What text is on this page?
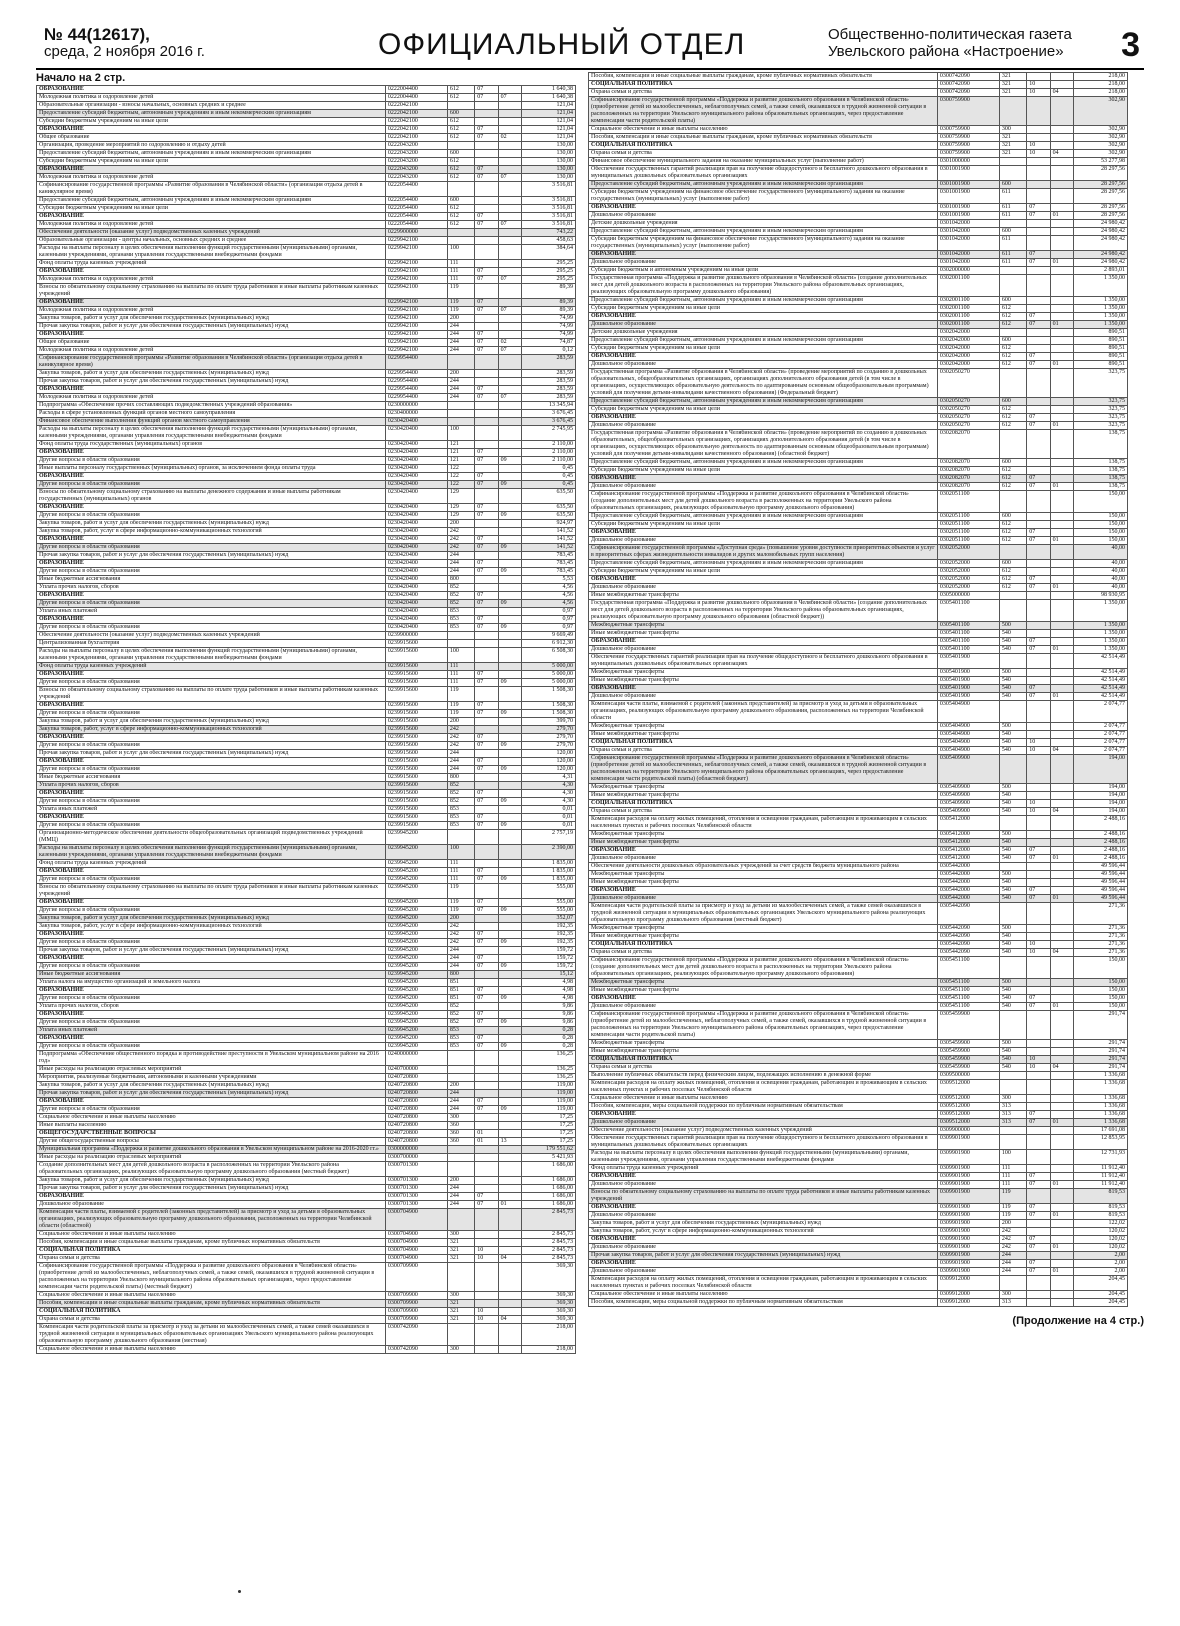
№ 44(12617),
среда, 2 ноября 2016 г.	ОФИЦИАЛЬНЫЙ ОТДЕЛ	Общественно-политическая газета
Увельского района «Настроение» 3
Начало на 2 стр.
ОБРАЗОВАНИЕ	0222004400	612	07		1 640,38
Молодежная политика и оздоровление детей	0222004400	612	07	07	1 640,38
Образовательные организации - взносы начальных, основных средних и среднее	0222042100				121,04
Предоставление субсидий бюджетным, автономным учреждениям и иным некоммерческим организациям	0222042100	600			121,04
Субсидии бюджетным учреждениям на иные цели	0222042100	612			121,04
ОБРАЗОВАНИЕ	0222042100	612	07		121,04
Общее образование	0222042100	612	07	02	121,04
Организация, проведение мероприятий по оздоровлению и отдыху детей	0222043200				130,00
Предоставление субсидий бюджетным, автономным учреждениям и иным некоммерческим организациям	0222043200	600			130,00
Субсидии бюджетным учреждениям на иные цели	0222043200	612			130,00
ОБРАЗОВАНИЕ	0222043200	612	07		130,00
Молодежная политика и оздоровление детей	0222043200	612	07	07	130,00
Софинансирование государственной программы «Развитие образования в Челябинской области» (организация отдыха детей в каникулярное время)	0222054400				3 516,81
Предоставление субсидий бюджетным, автономным учреждениям и иным некоммерческим организациям	0222054400	600			3 516,81
Субсидии бюджетным учреждениям на иные цели	0222054400	612			3 516,81
ОБРАЗОВАНИЕ	0222054400	612	07		3 516,81
Молодежная политика и оздоровление детей	0222054400	612	07	07	3 516,81
Обеспечение деятельности (оказание услуг) подведомственных казенных учреждений	0229900000				743,22
Образовательные организации - центры начальных, основных средних и среднее	0229942100				458,63
Расходы на выплаты персоналу в целях обеспечения выполнения функций государственными (муниципальными) органами, казенными учреждениями, органами управления государственными внебюджетными фондами	0229942100	100			384,64
Фонд оплаты труда казенных учреждений	0229942100	111			295,25
ОБРАЗОВАНИЕ	0229942100	111	07		295,25
Молодежная политика и оздоровление детей	0229942100	111	07	07	295,25
Взносы по обязательному социальному страхованию на выплаты по оплате труда работников и иные выплаты работникам казенных учреждений	0229942100	119			89,39
ОБРАЗОВАНИЕ	0229942100	119	07		89,39
Молодежная политика и оздоровление детей	0229942100	119	07	07	89,39
Закупка товаров, работ и услуг для обеспечения государственных (муниципальных) нужд	0229942100	200			74,99
Прочая закупка товаров, работ и услуг для обеспечения государственных (муниципальных) нужд	0229942100	244			74,99
ОБРАЗОВАНИЕ	0229942100	244	07		74,99
Общее образование	0229942100	244	07	02	74,87
Молодежная политика и оздоровление детей	0229942100	244	07	07	0,12
Софинансирование государственной программы «Развитие образования в Челябинской области» (организация отдыха детей в каникулярное время)	0229954400				283,59
Закупка товаров, работ и услуг для обеспечения государственных (муниципальных) нужд	0229954400	200			283,59
Прочая закупка товаров, работ и услуг для обеспечения государственных (муниципальных) нужд	0229954400	244			283,59
ОБРАЗОВАНИЕ	0229954400	244	07		283,59
Молодежная политика и оздоровление детей	0229954400	244	07	07	283,59
Подпрограмма «Обеспечение прочих составляющих подведомственных учреждений образования»	0230000000				13 345,94
Расходы в сфере установленных функций органов местного самоуправления	0230400000				3 676,45
Финансовое обеспечение выполнения функций органов местного самоуправления	0230420400				3 676,45
Расходы на выплаты персоналу в целях обеспечения выполнения функций государственными (муниципальными) органами, казенными учреждениями, органами управления государственными внебюджетными фондами	0230420400	100			2 745,95
Фонд оплаты труда государственных (муниципальных) органов	0230420400	121			2 110,00
ОБРАЗОВАНИЕ	0230420400	121	07		2 110,00
Другие вопросы в области образования	0230420400	121	07	09	2 110,00
Иные выплаты персоналу государственных (муниципальных) органов, за исключением фонда оплаты труда	0230420400	122			0,45
ОБРАЗОВАНИЕ	0230420400	122	07		0,45
Другие вопросы в области образования	0230420400	122	07	09	0,45
Взносы по обязательному социальному страхованию на выплаты денежного содержания и иные выплаты работникам государственных (муниципальных) органов	0230420400	129			635,50
ОБРАЗОВАНИЕ	0230420400	129	07		635,50
Другие вопросы в области образования	0230420400	129	07	09	635,50
Закупка товаров, работ и услуг для обеспечения государственных (муниципальных) нужд	0230420400	200			924,97
Закупка товаров, работ, услуг в сфере информационно-коммуникационных технологий	0230420400	242			141,52
ОБРАЗОВАНИЕ	0230420400	242	07		141,52
Другие вопросы в области образования	0230420400	242	07	09	141,52
Прочая закупка товаров, работ и услуг для обеспечения государственных (муниципальных) нужд	0230420400	244			783,45
ОБРАЗОВАНИЕ	0230420400	244	07		783,45
Другие вопросы в области образования	0230420400	244	07	09	783,45
Иные бюджетные ассигнования	0230420400	800			5,53
Уплата прочих налогов, сборов	0230420400	852			4,56
ОБРАЗОВАНИЕ	0230420400	852	07		4,56
Другие вопросы в области образования	0230420400	852	07	09	4,56
Уплата иных платежей	0230420400	853			0,97
ОБРАЗОВАНИЕ	0230420400	853	07		0,97
Другие вопросы в области образования	0230420400	853	07	09	0,97
Обеспечение деятельности (оказание услуг) подведомственных казенных учреждений	0239900000				9 669,49
Централизованная бухгалтерия	0239915600				6 912,30
Расходы на выплаты персоналу в целях обеспечения выполнения функций государственными (муниципальными) органами, казенными учреждениями, органами управления государственными внебюджетными фондами	0239915600	100			6 508,30
Фонд оплаты труда казенных учреждений	0239915600	111			5 000,00
ОБРАЗОВАНИЕ	0239915600	111	07		5 000,00
Другие вопросы в области образования	0239915600	111	07	09	5 000,00
Взносы по обязательному социальному страхованию на выплаты по оплате труда работников и иные выплаты работникам казенных учреждений	0239915600	119			1 508,30
ОБРАЗОВАНИЕ	0239915600	119	07		1 508,30
Другие вопросы в области образования	0239915600	119	07	09	1 508,30
Закупка товаров, работ и услуг для обеспечения государственных (муниципальных) нужд	0239915600	200			399,70
Закупка товаров, работ, услуг в сфере информационно-коммуникационных технологий	0239915600	242			279,70
ОБРАЗОВАНИЕ	0239915600	242	07		279,70
Другие вопросы в области образования	0239915600	242	07	09	279,70
Прочая закупка товаров, работ и услуг для обеспечения государственных (муниципальных) нужд	0239915600	244			120,00
ОБРАЗОВАНИЕ	0239915600	244	07		120,00
Другие вопросы в области образования	0239915600	244	07	09	120,00
Иные бюджетные ассигнования	0239915600	800			4,31
Уплата прочих налогов, сборов	0239915600	852			4,30
ОБРАЗОВАНИЕ	0239915600	852	07		4,30
Другие вопросы в области образования	0239915600	852	07	09	4,30
Уплата иных платежей	0239915600	853			0,01
ОБРАЗОВАНИЕ	0239915600	853	07		0,01
Другие вопросы в области образования	0239915600	853	07	09	0,01
Организационно-методическое обеспечение деятельности общеобразовательных организаций подведомственных учреждений (ММЦ)	0239945200				2 757,19
Расходы на выплаты персоналу в целях обеспечения выполнения функций государственными (муниципальными) органами, казенными учреждениями, органами управления государственными внебюджетными фондами	0239945200	100			2 390,00
Фонд оплаты труда казенных учреждений	0239945200	111			1 835,00
ОБРАЗОВАНИЕ	0239945200	111	07		1 835,00
Другие вопросы в области образования	0239945200	111	07	09	1 835,00
Взносы по обязательному социальному страхованию на выплаты по оплате труда работников и иные выплаты работникам казенных учреждений	0239945200	119			555,00
ОБРАЗОВАНИЕ	0239945200	119	07		555,00
Другие вопросы в области образования	0239945200	119	07	09	555,00
Закупка товаров, работ и услуг для обеспечения государственных (муниципальных) нужд	0239945200	200			352,07
Закупка товаров, работ, услуг в сфере информационно-коммуникационных технологий	0239945200	242			192,35
ОБРАЗОВАНИЕ	0239945200	242	07		192,35
Другие вопросы в области образования	0239945200	242	07	09	192,35
Прочая закупка товаров, работ и услуг для обеспечения государственных (муниципальных) нужд	0239945200	244			159,72
ОБРАЗОВАНИЕ	0239945200	244	07		159,72
Другие вопросы в области образования	0239945200	244	07	09	159,72
Иные бюджетные ассигнования	0239945200	800			15,12
Уплата налога на имущество организаций и земельного налога	0239945200	851			4,98
ОБРАЗОВАНИЕ	0239945200	851	07		4,98
Другие вопросы в области образования	0239945200	851	07	09	4,98
Уплата прочих налогов, сборов	0239945200	852			9,86
ОБРАЗОВАНИЕ	0239945200	852	07		9,86
Другие вопросы в области образования	0239945200	852	07	09	9,86
Уплата иных платежей	0239945200	853			0,28
ОБРАЗОВАНИЕ	0239945200	853	07		0,28
Другие вопросы в области образования	0239945200	853	07	09	0,28
Подпрограмма «Обеспечение общественного порядка и противодействие преступности в Увельском муниципальном районе на 2016 год»	0240000000				136,25
Иные расходы на реализацию отраслевых мероприятий	0240700000				136,25
Мероприятия, реализуемые бюджетными, автономными и казенными учреждениями	0240720800				136,25
Закупка товаров, работ и услуг для обеспечения государственных (муниципальных) нужд	0240720800	200			119,00
Прочая закупка товаров, работ и услуг для обеспечения государственных (муниципальных) нужд	0240720800	244			119,00
ОБРАЗОВАНИЕ	0240720800	244	07		119,00
Другие вопросы в области образования	0240720800	244	07	09	119,00
Социальное обеспечение и иные выплаты населению	0240720800	300			17,25
Иные выплаты населению	0240720800	360			17,25
ОБЩЕГОСУДАРСТВЕННЫЕ ВОПРОСЫ	0240720800	360	01		17,25
Другие общегосударственные вопросы	0240720800	360	01	13	17,25
Муниципальная программа «Поддержка и развитие дошкольного образования в Увельском муниципальном районе на 2016-2020 гг.»	0300000000				179 551,62
Иные расходы на реализацию отраслевых мероприятий	0300700000				5 421,93
Создание дополнительных мест для детей дошкольного возраста в расположенных на территории Увельского района образовательных организациях, реализующих образовательную программу дошкольного образования (местный бюджет)	0300701300				1 686,00
Закупка товаров, работ и услуг для обеспечения государственных (муниципальных) нужд	0300701300	200			1 686,00
Прочая закупка товаров, работ и услуг для обеспечения государственных (муниципальных) нужд	0300701300	244			1 686,00
ОБРАЗОВАНИЕ	0300701300	244	07		1 686,00
Дошкольное образование	0300701300	244	07	01	1 686,00
Компенсация части платы, взимаемой с родителей (законных представителей) за присмотр и уход за детьми в образовательных организациях, реализующих образовательную программу дошкольного образования, расположенных на территории Челябинской области (областной)	0300704900				2 845,73
Социальное обеспечение и иные выплаты населению	0300704900	300			2 845,73
Пособия, компенсации и иные социальные выплаты гражданам, кроме публичных нормативных обязательств	0300704900	321			2 845,73
СОЦИАЛЬНАЯ ПОЛИТИКА	0300704900	321	10		2 845,73
Охрана семьи и детства	0300704900	321	10	04	2 845,73
Софинансирование государственной программы «Поддержка и развитие дошкольного образования в Челябинской области» (приобретение детей из малообеспеченных, неблагополучных семей, а также семей, оказавшихся в трудной жизненной ситуации в расположенных на территории Увельского муниципального района образовательных организациях, через предоставление компенсации части родительской платы) (местный бюджет)	0300709900				369,30
Социальное обеспечение и иные выплаты населению	0300709900	300			369,30
Пособия, компенсации и иные социальные выплаты гражданам, кроме публичных нормативных обязательств	0300709900	321			369,30
СОЦИАЛЬНАЯ ПОЛИТИКА	0300709900	321	10		369,30
Охрана семьи и детства	0300709900	321	10	04	369,30
Компенсация части родительской платы за присмотр и уход за детьми из малообеспеченных семей, а также семей оказавшихся в трудной жизненной ситуации в муниципальных образовательных организациях Увельского муниципального района реализующих образовательную программу дошкольного образования (местная)	0300742090				218,00
Социальное обеспечение и иные выплаты населению	0300742090	300			218,00
Пособия, компенсации и иные социальные выплаты гражданам, кроме публичных нормативных обязательств	0300742090	321			218,00
СОЦИАЛЬНАЯ ПОЛИТИКА	0300742090	321	10		218,00
Охрана семьи и детства	0300742090	321	10	04	218,00
Софинансирование государственной программы «Поддержка и развитие дошкольного образования в Челябинской области» (приобретение детей из малообеспеченных, неблагополучных семей, а также семей, оказавшихся в трудной жизненной ситуации в расположенных на территории Увельского муниципального района образовательных организациях, через предоставление компенсации части родительской платы)	0300759900				302,90
Социальное обеспечение и иные выплаты населению	0300759900	300			302,90
Пособия, компенсации и иные социальные выплаты гражданам, кроме публичных нормативных обязательств	0300759900	321			302,90
СОЦИАЛЬНАЯ ПОЛИТИКА	0300759900	321	10		302,90
Охрана семьи и детства	0300759900	321	10	04	302,90
Финансовое обеспечение муниципального задания на оказание муниципальных услуг (выполнение работ)	0301000000				53 277,98
Обеспечение государственных гарантий реализации прав на получение общедоступного и бесплатного дошкольного образования в муниципальных дошкольных образовательных организациях	0301001900				28 297,56
Предоставление субсидий бюджетным, автономным учреждениям и иным некоммерческим организациям	0301001900	600			28 297,56
Субсидии бюджетным учреждениям на финансовое обеспечение государственного (муниципального) задания на оказание государственных (муниципальных) услуг (выполнение работ)	0301001900	611			28 297,56
ОБРАЗОВАНИЕ	0301001900	611	07		28 297,56
Дошкольное образование	0301001900	611	07	01	28 297,56
Детские дошкольные учреждения	0301042000				24 980,42
Предоставление субсидий бюджетным, автономным учреждениям и иным некоммерческим организациям	0301042000	600			24 980,42
Субсидии бюджетным учреждениям на финансовое обеспечение государственного (муниципального) задания на оказание государственных (муниципальных) услуг (выполнение работ)	0301042000	611			24 980,42
ОБРАЗОВАНИЕ	0301042000	611	07		24 980,42
Дошкольное образование	0301042000	611	07	01	24 980,42
Субсидии бюджетным и автономным учреждениям на иные цели	0302000000				2 893,01
Государственная программа «Поддержка и развитие дошкольного образования в Челябинской области» (создание дополнительных мест для детей дошкольного возраста в расположенных на территории Увельского района образовательных организациях, реализующих образовательную программу дошкольного образования)	0302001100				1 350,00
Предоставление субсидий бюджетным, автономным учреждениям и иным некоммерческим организациям	0302001100	600			1 350,00
Субсидии бюджетным учреждениям на иные цели	0302001100	612			1 350,00
ОБРАЗОВАНИЕ	0302001100	612	07		1 350,00
Дошкольное образование	0302001100	612	07	01	1 350,00
Детские дошкольные учреждения	0302042000				890,51
Предоставление субсидий бюджетным, автономным учреждениям и иным некоммерческим организациям	0302042000	600			890,51
Субсидии бюджетным учреждениям на иные цели	0302042000	612			890,51
ОБРАЗОВАНИЕ	0302042000	612	07		890,51
Дошкольное образование	0302042000	612	07	01	890,51
Государственная программа «Развитие образования в Челябинской области» (проведение мероприятий по созданию в дошкольных образовательных, общеобразовательных организациях, организациях дополнительного образования детей (в том числе в организациях, осуществляющих образовательную деятельность по адаптированным основным общеобразовательным программам) условий для получения детьми-инвалидами качественного образования) (Федеральный бюджет)	0302050270				323,75
Предоставление субсидий бюджетным, автономным учреждениям и иным некоммерческим организациям	0302050270	600			323,75
Субсидии бюджетным учреждениям на иные цели	0302050270	612			323,75
ОБРАЗОВАНИЕ	0302050270	612	07		323,75
Дошкольное образование	0302050270	612	07	01	323,75
Государственная программа «Развитие образования в Челябинской области» (проведение мероприятий по созданию в дошкольных образовательных, общеобразовательных организациях, организациях дополнительного образования детей (в том числе в организациях, осуществляющих образовательную деятельность по адаптированным основным общеобразовательным программам) условий для получения детьми-инвалидами качественного образования) (областной бюджет)	0302082070				138,75
Предоставление субсидий бюджетным, автономным учреждениям и иным некоммерческим организациям	0302082070	600			138,75
Субсидии бюджетным учреждениям на иные цели	0302082070	612			138,75
ОБРАЗОВАНИЕ	0302082070	612	07		138,75
Дошкольное образование	0302082070	612	07	01	138,75
Софинансирование государственной программы «Поддержка и развитие дошкольного образования в Челябинской области» (создание дополнительных мест для детей дошкольного возраста в расположенных на территории Увельского района образовательных организациях, реализующих образовательную программу дошкольного образования)	0302051100				150,00
Предоставление субсидий бюджетным, автономным учреждениям и иным некоммерческим организациям	0302051100	600			150,00
Субсидии бюджетным учреждениям на иные цели	0302051100	612			150,00
ОБРАЗОВАНИЕ	0302051100	612	07		150,00
Дошкольное образование	0302051100	612	07	01	150,00
Софинансирование государственной программы «Доступная среда» (повышение уровня доступности приоритетных объектов и услуг в приоритетных сферах жизнедеятельности инвалидов и других маломобильных групп населения)	0302052000				40,00
Предоставление субсидий бюджетным, автономным учреждениям и иным некоммерческим организациям	0302052000	600			40,00
Субсидии бюджетным учреждениям на иные цели	0302052000	612			40,00
ОБРАЗОВАНИЕ	0302052000	612	07		40,00
Дошкольное образование	0302052000	612	07	01	40,00
Иные межбюджетные трансферты	0305000000				98 930,95
Государственная программа «Поддержка и развитие дошкольного образования в Челябинской области» (создание дополнительных мест для детей дошкольного возраста в расположенных на территории Увельского района образовательных организациях, реализующих образовательную программу дошкольного образования (областной бюджет))	0305401100				1 350,00
Межбюджетные трансферты	0305401100	500			1 350,00
Иные межбюджетные трансферты	0305401100	540			1 350,00
ОБРАЗОВАНИЕ	0305401100	540	07		1 350,00
Дошкольное образование	0305401100	540	07	01	1 350,00
Обеспечение государственных гарантий реализации прав на получение общедоступного и бесплатного дошкольного образования в муниципальных дошкольных образовательных организациях	0305401900				42 514,49
Межбюджетные трансферты	0305401900	500			42 514,49
Иные межбюджетные трансферты	0305401900	540			42 514,49
ОБРАЗОВАНИЕ	0305401900	540	07		42 514,49
Дошкольное образование	0305401900	540	07	01	42 514,49
Компенсация части платы, взимаемой с родителей (законных представителей) за присмотр и уход за детьми в образовательных организациях, реализующих образовательную программу дошкольного образования, расположенных на территории Челябинской области	0305404900				2 074,77
Межбюджетные трансферты	0305404900	500			2 074,77
Иные межбюджетные трансферты	0305404900	540			2 074,77
СОЦИАЛЬНАЯ ПОЛИТИКА	0305404900	540	10		2 074,77
Охрана семьи и детства	0305404900	540	10	04	2 074,77
Софинансирование государственной программы «Поддержка и развитие дошкольного образования в Челябинской области» (приобретение детей из малообеспеченных, неблагополучных семей, а также семей, оказавшихся в трудной жизненной ситуации в расположенных на территории Увельского муниципального района образовательных организациях, через предоставление компенсации части родительской платы) (областной бюджет)	0305409900				194,00
Межбюджетные трансферты	0305409900	500			194,00
Иные межбюджетные трансферты	0305409900	540			194,00
СОЦИАЛЬНАЯ ПОЛИТИКА	0305409900	540	10		194,00
Охрана семьи и детства	0305409900	540	10	04	194,00
Компенсация расходов на оплату жилых помещений, отопления и освещения гражданам, работающим и проживающим в сельских населенных пунктах и рабочих поселках Челябинской области	0305412000				2 488,16
Межбюджетные трансферты	0305412000	500			2 488,16
Иные межбюджетные трансферты	0305412000	540			2 488,16
ОБРАЗОВАНИЕ	0305412000	540	07		2 488,16
Дошкольное образование	0305412000	540	07	01	2 488,16
Обеспечение деятельности дошкольных образовательных учреждений за счет средств бюджета муниципального района	0305442000				49 596,44
Межбюджетные трансферты	0305442000	500			49 596,44
Иные межбюджетные трансферты	0305442000	540			49 596,44
ОБРАЗОВАНИЕ	0305442000	540	07		49 596,44
Дошкольное образование	0305442000	540	07	01	49 596,44
Компенсация части родительской платы за присмотр и уход за детьми из малообеспеченных семей, а также семей оказавшихся в трудной жизненной ситуации в муниципальных образовательных организациях Увельского муниципального района реализующих образовательную программу дошкольного образования (местный бюджет)	0305442090				271,36
Межбюджетные трансферты	0305442090	500			271,36
Иные межбюджетные трансферты	0305442090	540			271,36
СОЦИАЛЬНАЯ ПОЛИТИКА	0305442090	540	10		271,36
Охрана семьи и детства	0305442090	540	10	04	271,36
Софинансирование государственной программы «Поддержка и развитие дошкольного образования в Челябинской области» (создание дополнительных мест для детей дошкольного возраста в расположенных на территории Увельского района образовательных организациях, реализующих образовательную программу дошкольного образования)	0305451100				150,00
Межбюджетные трансферты	0305451100	500			150,00
Иные межбюджетные трансферты	0305451100	540			150,00
ОБРАЗОВАНИЕ	0305451100	540	07		150,00
Дошкольное образование	0305451100	540	07	01	150,00
Софинансирование государственной программы «Поддержка и развитие дошкольного образования в Челябинской области» (приобретение детей из малообеспеченных, неблагополучных семей, а также семей, оказавшихся в трудной жизненной ситуации в расположенных на территории Увельского муниципального района образовательных организациях, через предоставление компенсации части родительской платы)	0305459900				291,74
Межбюджетные трансферты	0305459900	500			291,74
Иные межбюджетные трансферты	0305459900	540			291,74
СОЦИАЛЬНАЯ ПОЛИТИКА	0305459900	540	10		291,74
Охрана семьи и детства	0305459900	540	10	04	291,74
Выполнение публичных обязательств перед физическим лицом, подлежащих исполнению в денежной форме	0309500000				1 336,68
Компенсация расходов на оплату жилых помещений, отопления и освещения гражданам, работающим и проживающим в сельских населенных пунктах и рабочих поселках Челябинской области	0309512000				1 336,68
Социальное обеспечение и иные выплаты населению	0309512000	300			1 336,68
Пособия, компенсации, меры социальной поддержки по публичным нормативным обязательствам	0309512000	313			1 336,68
ОБРАЗОВАНИЕ	0309512000	313	07		1 336,68
Дошкольное образование	0309512000	313	07	01	1 336,68
Обеспечение деятельности (оказание услуг) подведомственных казенных учреждений	0309900000				17 691,08
Обеспечение государственных гарантий реализации прав на получение общедоступного и бесплатного дошкольного образования в муниципальных дошкольных образовательных организациях	0309901900				12 853,95
Расходы на выплаты персоналу в целях обеспечения выполнения функций государственными (муниципальными) органами, казенными учреждениями, органами управления государственными внебюджетными фондами	0309901900	100			12 731,93
Фонд оплаты труда казенных учреждений	0309901900	111			11 912,40
ОБРАЗОВАНИЕ	0309901900	111	07		11 912,40
Дошкольное образование	0309901900	111	07	01	11 912,40
Взносы по обязательному социальному страхованию на выплаты по оплате труда работников и иные выплаты работникам казенных учреждений	0309901900	119			819,53
ОБРАЗОВАНИЕ	0309901900	119	07		819,53
Дошкольное образование	0309901900	119	07	01	819,53
Закупка товаров, работ и услуг для обеспечения государственных (муниципальных) нужд	0309901900	200			122,02
Закупка товаров, работ, услуг в сфере информационно-коммуникационных технологий	0309901900	242			120,02
ОБРАЗОВАНИЕ	0309901900	242	07		120,02
Дошкольное образование	0309901900	242	07	01	120,02
Прочая закупка товаров, работ и услуг для обеспечения государственных (муниципальных) нужд	0309901900	244			2,00
ОБРАЗОВАНИЕ	0309901900	244	07		2,00
Дошкольное образование	0309901900	244	07	01	2,00
Компенсация расходов на оплату жилых помещений, отопления и освещения гражданам, работающим и проживающим в сельских населенных пунктах и рабочих поселках Челябинской области	0309912000				204,45
Социальное обеспечение и иные выплаты населению	0309912000	300			204,45
Пособия, компенсации, меры социальной поддержки по публичным нормативным обязательствам	0309912000	313			204,45
(Продолжение на 4 стр.)
